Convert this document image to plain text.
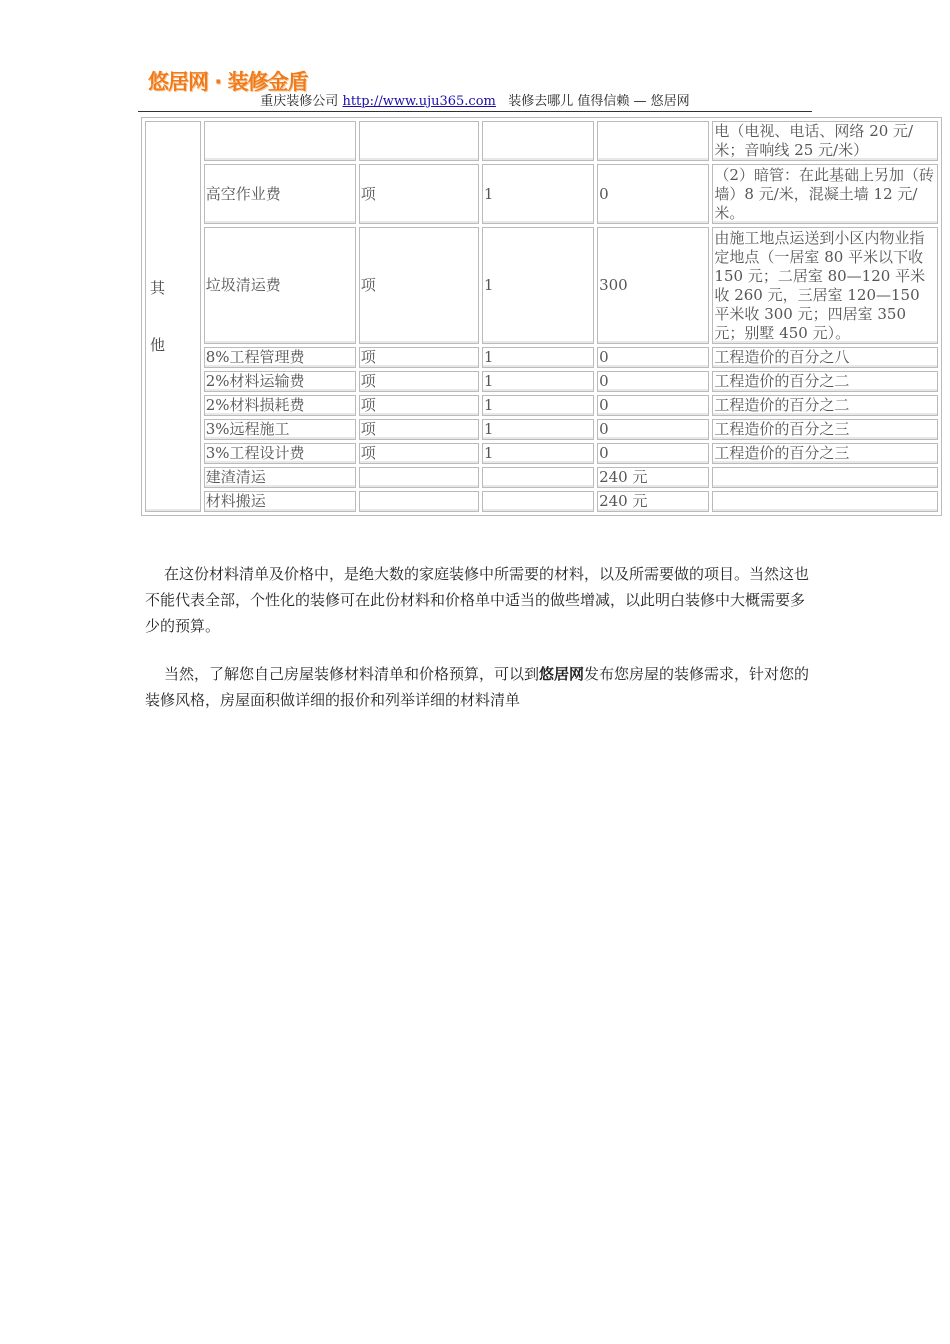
悠居网 · 装修金盾
重庆装修公司 http://www.uju365.com 装修去哪儿 值得信赖 — 悠居网
其
他					电（电视、电话、网络 20 元/米；音响线 25 元/米）
	高空作业费	项	1	0	（2）暗管：在此基础上另加（砖墙）8 元/米，混凝土墙 12 元/米。
	垃圾清运费	项	1	300	由施工地点运送到小区内物业指定地点（一居室 80 平米以下收 150 元；二居室 80—120 平米收 260 元，三居室 120—150 平米收 300 元；四居室 350 元；别墅 450 元）。
	8%工程管理费	项	1	0	工程造价的百分之八
	2%材料运输费	项	1	0	工程造价的百分之二
	2%材料损耗费	项	1	0	工程造价的百分之二
	3%远程施工	项	1	0	工程造价的百分之三
	3%工程设计费	项	1	0	工程造价的百分之三
	建渣清运			240 元	
	材料搬运			240 元	

在这份材料清单及价格中，是绝大数的家庭装修中所需要的材料，以及所需要做的项目。当然这也不能代表全部，个性化的装修可在此份材料和价格单中适当的做些增减，以此明白装修中大概需要多少的预算。

当然，了解您自己房屋装修材料清单和价格预算，可以到悠居网发布您房屋的装修需求，针对您的装修风格，房屋面积做详细的报价和列举详细的材料清单
